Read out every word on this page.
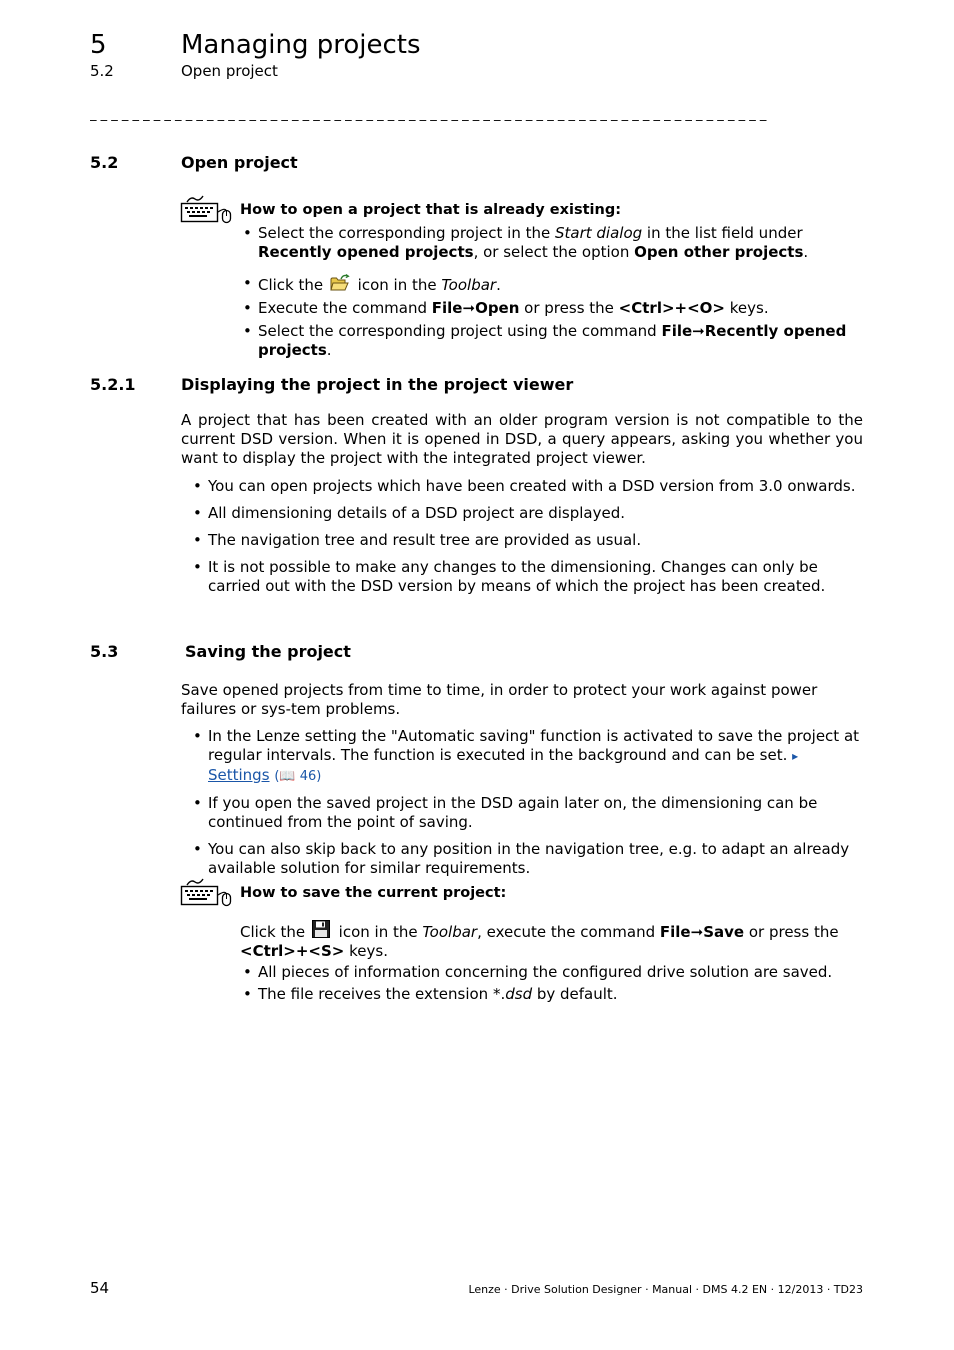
5	Managing projects
5.2	Open project
_ _ _ _ _ _ _ _ _ _ _ _ _ _ _ _ _ _ _ _ _ _ _ _ _ _ _ _ _ _ _ _ _ _ _ _ _ _ _ _ _ _ _ _ _ _ _ _ _ _ _ _ _ _ _ _ _ _ _ _ _ _ _ _
5.2	Open project
How to open a project that is already existing:
• Select the corresponding project in the Start dialog in the list field under Recently opened projects, or select the option Open other projects.
• Click the
icon in the Toolbar.
• Execute the command File➞Open or press the <Ctrl>+<O> keys.
• Select the corresponding project using the command File➞Recently opened projects.
5.2.1	Displaying the project in the project viewer
A project that has been created with an older program version is not compatible to the current DSD version. When it is opened in DSD, a query appears, asking you whether you want to display the project with the integrated project viewer.
• You can open projects which have been created with a DSD version from 3.0 onwards.
• All dimensioning details of a DSD project are displayed.
• The navigation tree and result tree are provided as usual.
• It is not possible to make any changes to the dimensioning. Changes can only be carried out with the DSD version by means of which the project has been created.
5.3	Saving the project
Save opened projects from time to time, in order to protect your work against power failures or sys-tem problems.
• In the Lenze setting the "Automatic saving" function is activated to save the project at regular intervals. The function is executed in the background and can be set. ▸ Settings (📖 46)
• If you open the saved project in the DSD again later on, the dimensioning can be continued from the point of saving.
• You can also skip back to any position in the navigation tree, e.g. to adapt an already available solution for similar requirements.
How to save the current project:
Click the
icon in the Toolbar, execute the command File➞Save or press the <Ctrl>+<S> keys.
• All pieces of information concerning the configured drive solution are saved.
• The file receives the extension *.dsd by default.
54	Lenze · Drive Solution Designer · Manual · DMS 4.2 EN · 12/2013 · TD23
